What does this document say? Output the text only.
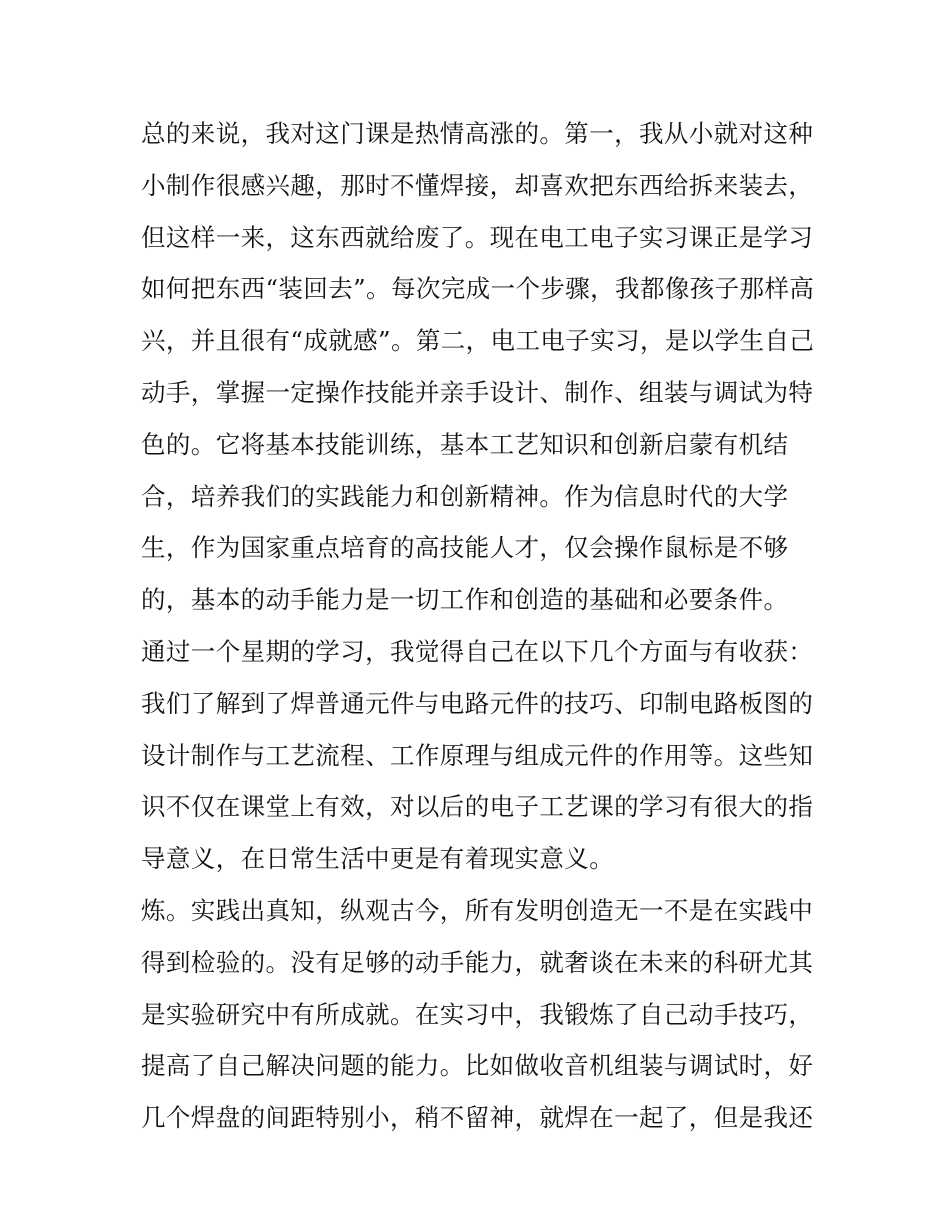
总的来说，我对这门课是热情高涨的。第一，我从小就对这种
小制作很感兴趣，那时不懂焊接，却喜欢把东西给拆来装去，
但这样一来，这东西就给废了。现在电工电子实习课正是学习
如何把东西“装回去”。每次完成一个步骤，我都像孩子那样高
兴，并且很有“成就感”。第二，电工电子实习，是以学生自己
动手，掌握一定操作技能并亲手设计、制作、组装与调试为特
色的。它将基本技能训练，基本工艺知识和创新启蒙有机结
合，培养我们的实践能力和创新精神。作为信息时代的大学
生，作为国家重点培育的高技能人才，仅会操作鼠标是不够
的，基本的动手能力是一切工作和创造的基础和必要条件。
通过一个星期的学习，我觉得自己在以下几个方面与有收获：
我们了解到了焊普通元件与电路元件的技巧、印制电路板图的
设计制作与工艺流程、工作原理与组成元件的作用等。这些知
识不仅在课堂上有效，对以后的电子工艺课的学习有很大的指
导意义，在日常生活中更是有着现实意义。
炼。实践出真知，纵观古今，所有发明创造无一不是在实践中
得到检验的。没有足够的动手能力，就奢谈在未来的科研尤其
是实验研究中有所成就。在实习中，我锻炼了自己动手技巧，
提高了自己解决问题的能力。比如做收音机组装与调试时，好
几个焊盘的间距特别小，稍不留神，就焊在一起了，但是我还
